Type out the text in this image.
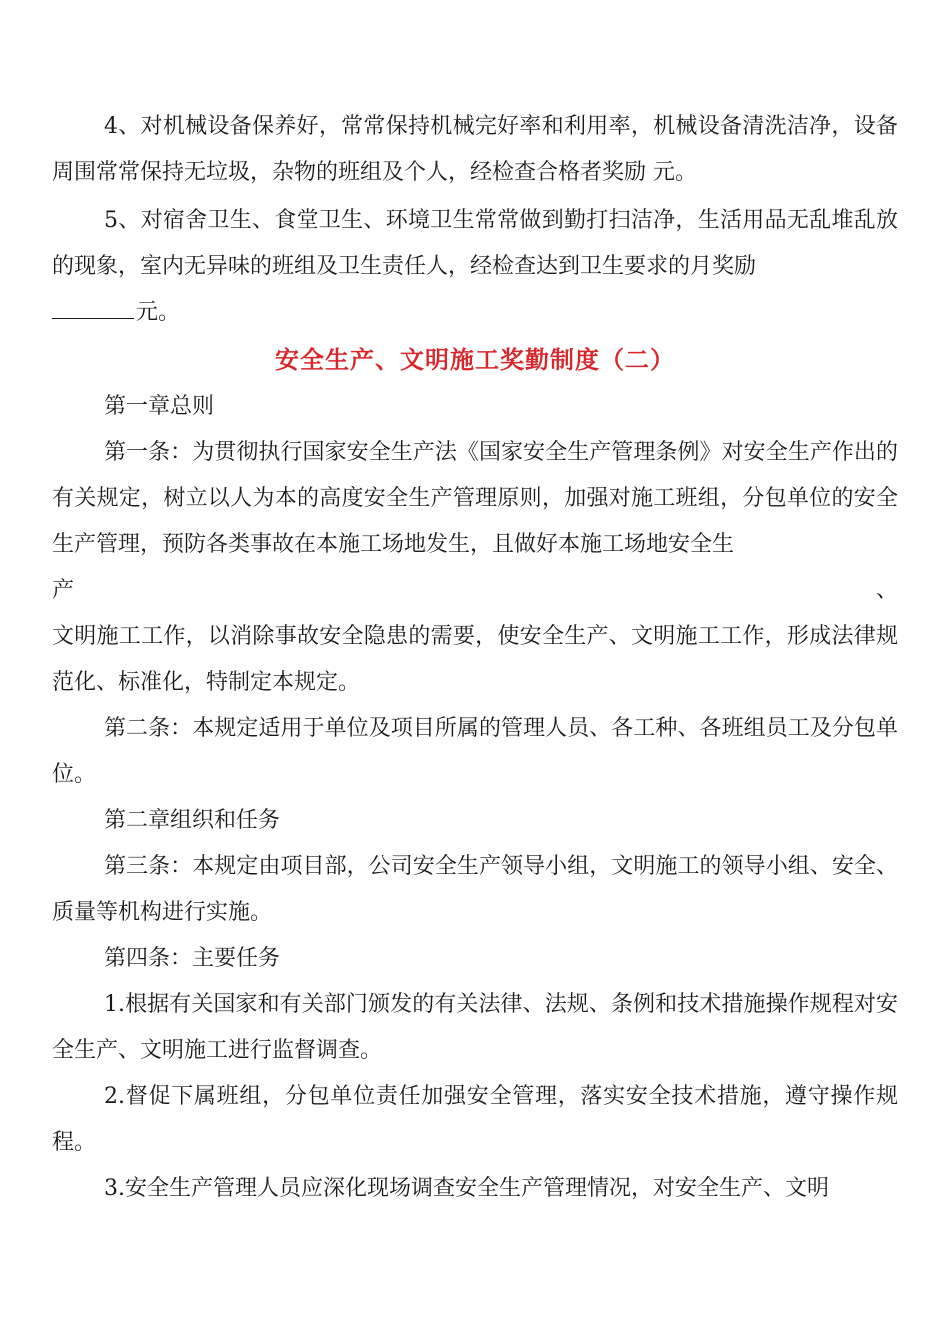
4、对机械设备保养好，常常保持机械完好率和利用率，机械设备清洗洁净，设备周围常常保持无垃圾，杂物的班组及个人，经检查合格者奖励 元。

5、对宿舍卫生、食堂卫生、环境卫生常常做到勤打扫洁净，生活用品无乱堆乱放的现象，室内无异味的班组及卫生责任人，经检查达到卫生要求的月奖励
元。

安全生产、文明施工奖勤制度（二）

第一章总则

第一条：为贯彻执行国家安全生产法《国家安全生产管理条例》对安全生产作出的有关规定，树立以人为本的高度安全生产管理原则，加强对施工班组，分包单位的安全生产管理，预防各类事故在本施工场地发生，且做好本施工场地安全生

产	、

文明施工工作，以消除事故安全隐患的需要，使安全生产、文明施工工作，形成法律规范化、标准化，特制定本规定。

第二条：本规定适用于单位及项目所属的管理人员、各工种、各班组员工及分包单位。

第二章组织和任务

第三条：本规定由项目部，公司安全生产领导小组，文明施工的领导小组、安全、质量等机构进行实施。

第四条：主要任务

1.根据有关国家和有关部门颁发的有关法律、法规、条例和技术措施操作规程对安全生产、文明施工进行监督调查。

2.督促下属班组，分包单位责任加强安全管理，落实安全技术措施，遵守操作规程。

3.安全生产管理人员应深化现场调查安全生产管理情况，对安全生产、文明
